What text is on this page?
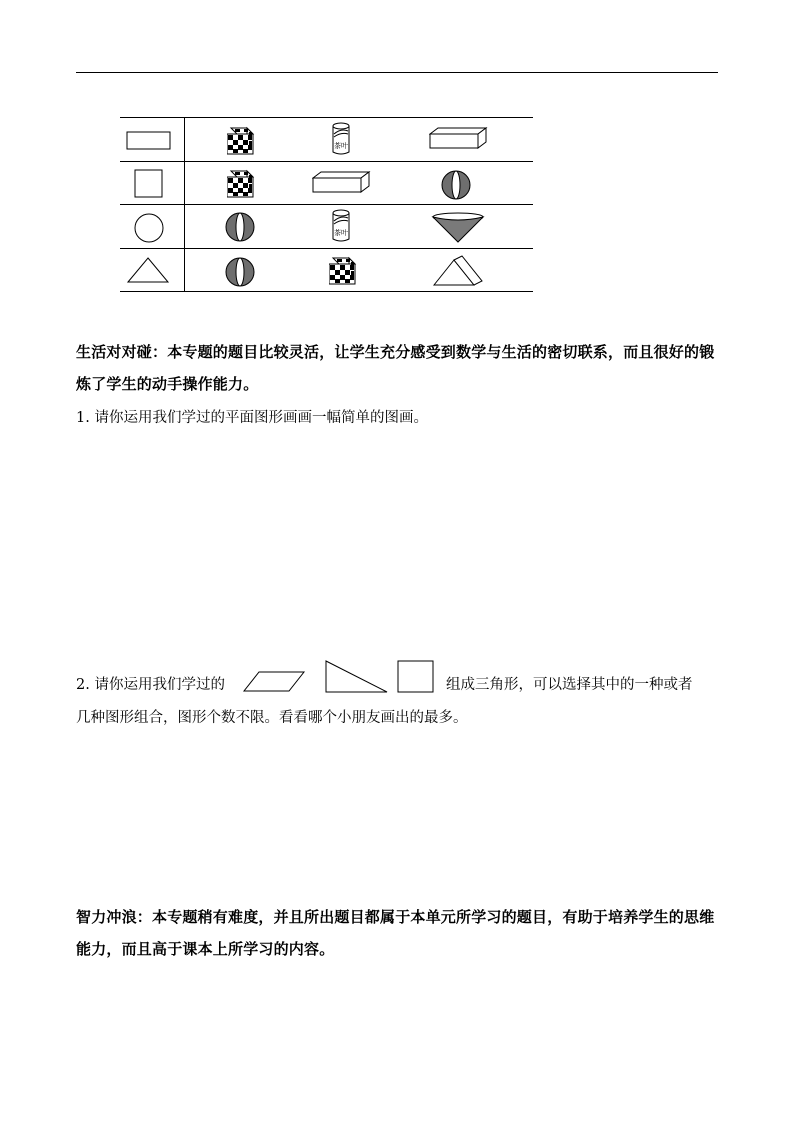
茶叶
茶叶
生活对对碰：本专题的题目比较灵活，让学生充分感受到数学与生活的密切联系，而且很好的锻炼了学生的动手操作能力。
1. 请你运用我们学过的平面图形画画一幅简单的图画。
2. 请你运用我们学过的	组成三角形，可以选择其中的一种或者
几种图形组合，图形个数不限。看看哪个小朋友画出的最多。
智力冲浪：本专题稍有难度，并且所出题目都属于本单元所学习的题目，有助于培养学生的思维能力，而且高于课本上所学习的内容。
